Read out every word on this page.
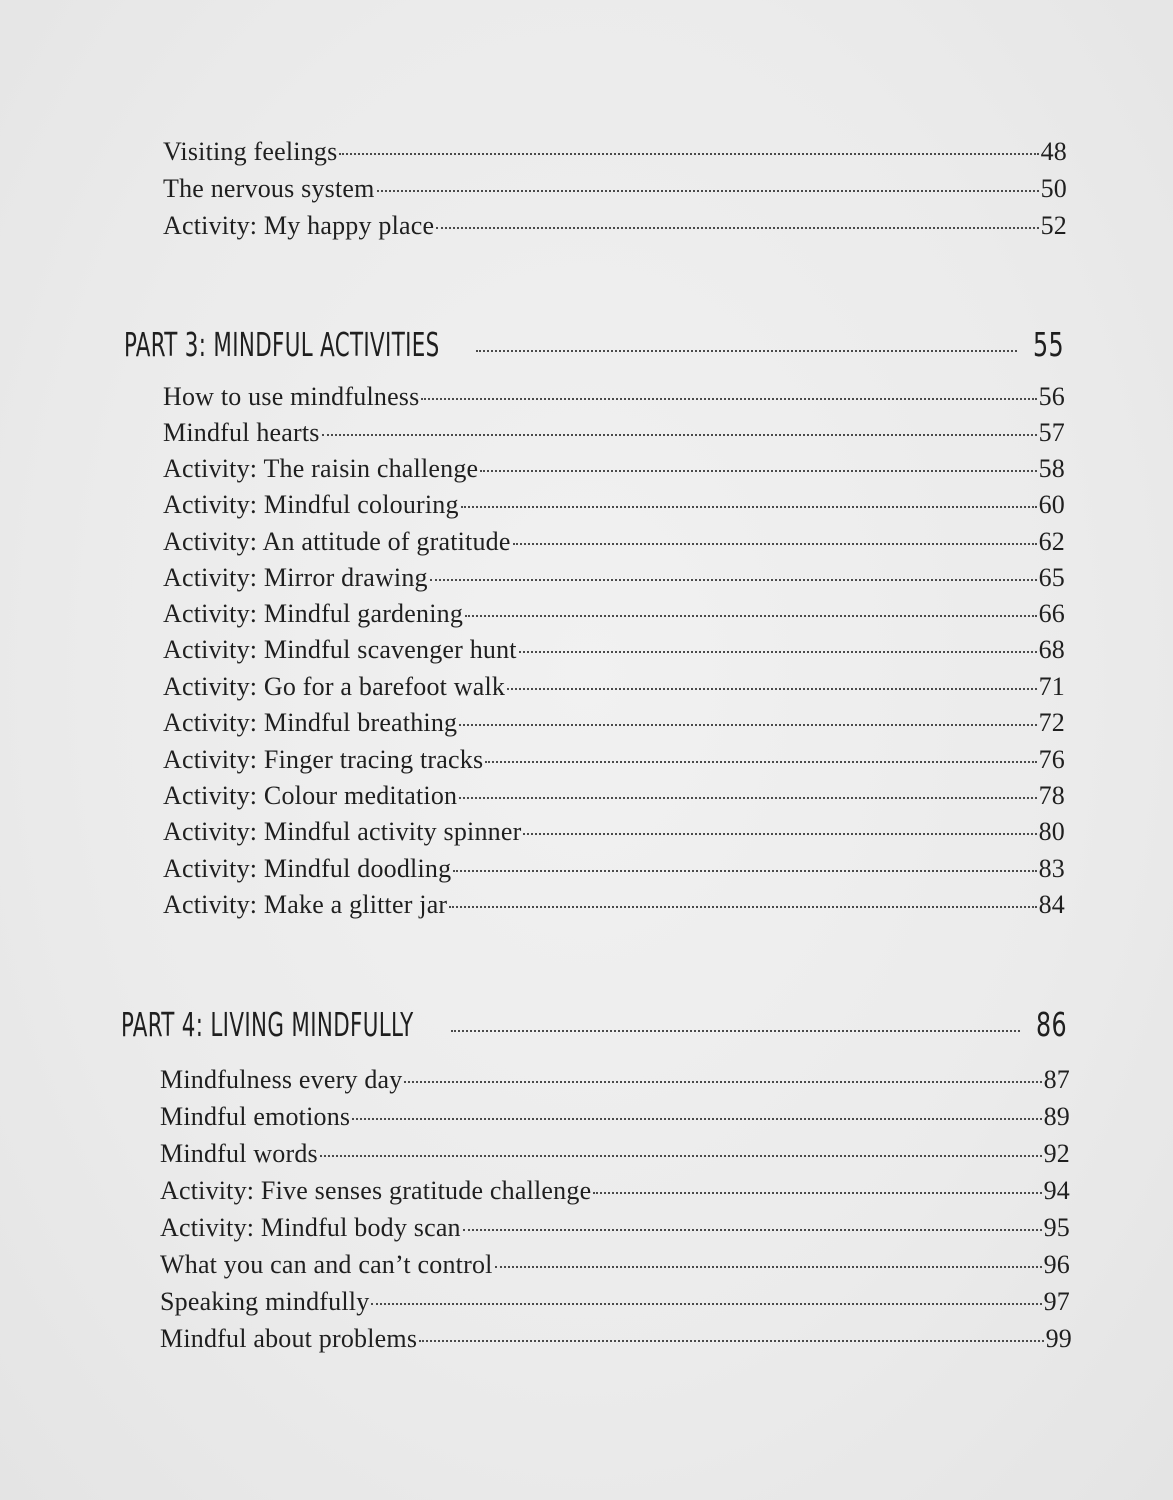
Visiting feelings	48
The nervous system	50
Activity: My happy place	52
PART 3: MINDFUL ACTIVITIES	55
How to use mindfulness	56
Mindful hearts	57
Activity: The raisin challenge	58
Activity: Mindful colouring	60
Activity: An attitude of gratitude	62
Activity: Mirror drawing	65
Activity: Mindful gardening	66
Activity: Mindful scavenger hunt	68
Activity: Go for a barefoot walk	71
Activity: Mindful breathing	72
Activity: Finger tracing tracks	76
Activity: Colour meditation	78
Activity: Mindful activity spinner	80
Activity: Mindful doodling	83
Activity: Make a glitter jar	84
PART 4: LIVING MINDFULLY	86
Mindfulness every day	87
Mindful emotions	89
Mindful words	92
Activity: Five senses gratitude challenge	94
Activity: Mindful body scan	95
What you can and can’t control	96
Speaking mindfully	97
Mindful about problems	99
